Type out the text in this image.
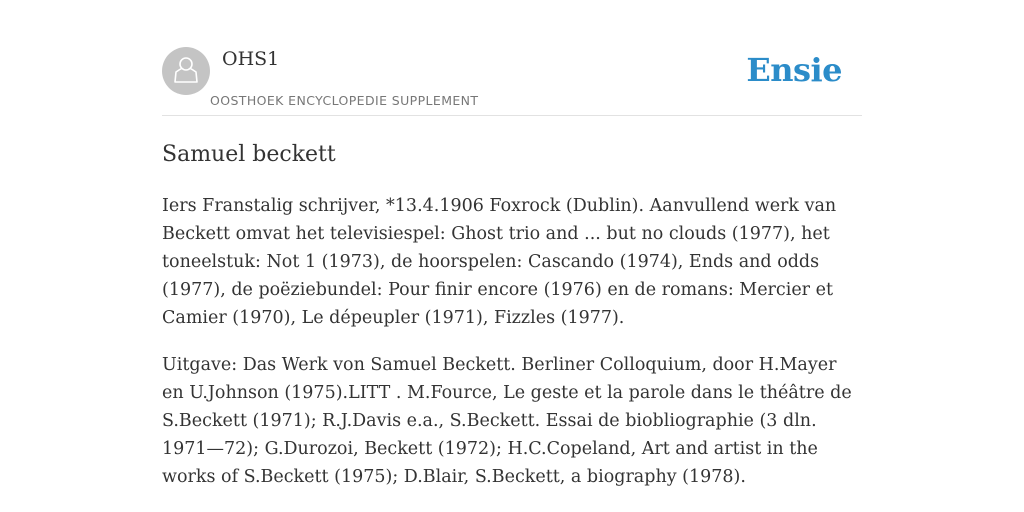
OHS1
OOSTHOEK ENCYCLOPEDIE SUPPLEMENT
Ensie
Samuel beckett

Iers Franstalig schrijver, *13.4.1906 Foxrock (Dublin). Aanvullend werk van Beckett omvat het televisiespel: Ghost trio and ... but no clouds (1977), het toneelstuk: Not 1 (1973), de hoorspelen: Cascando (1974), Ends and odds (1977), de poëziebundel: Pour finir encore (1976) en de romans: Mercier et Camier (1970), Le dépeupler (1971), Fizzles (1977).

Uitgave: Das Werk von Samuel Beckett. Berliner Colloquium, door H.Mayer en U.Johnson (1975).LITT . M.Fource, Le geste et la parole dans le théâtre de S.Beckett (1971); R.J.Davis e.a., S.Beckett. Essai de biobliographie (3 dln. 1971—72); G.Durozoi, Beckett (1972); H.C.Copeland, Art and artist in the works of S.Beckett (1975); D.Blair, S.Beckett, a biography (1978).
